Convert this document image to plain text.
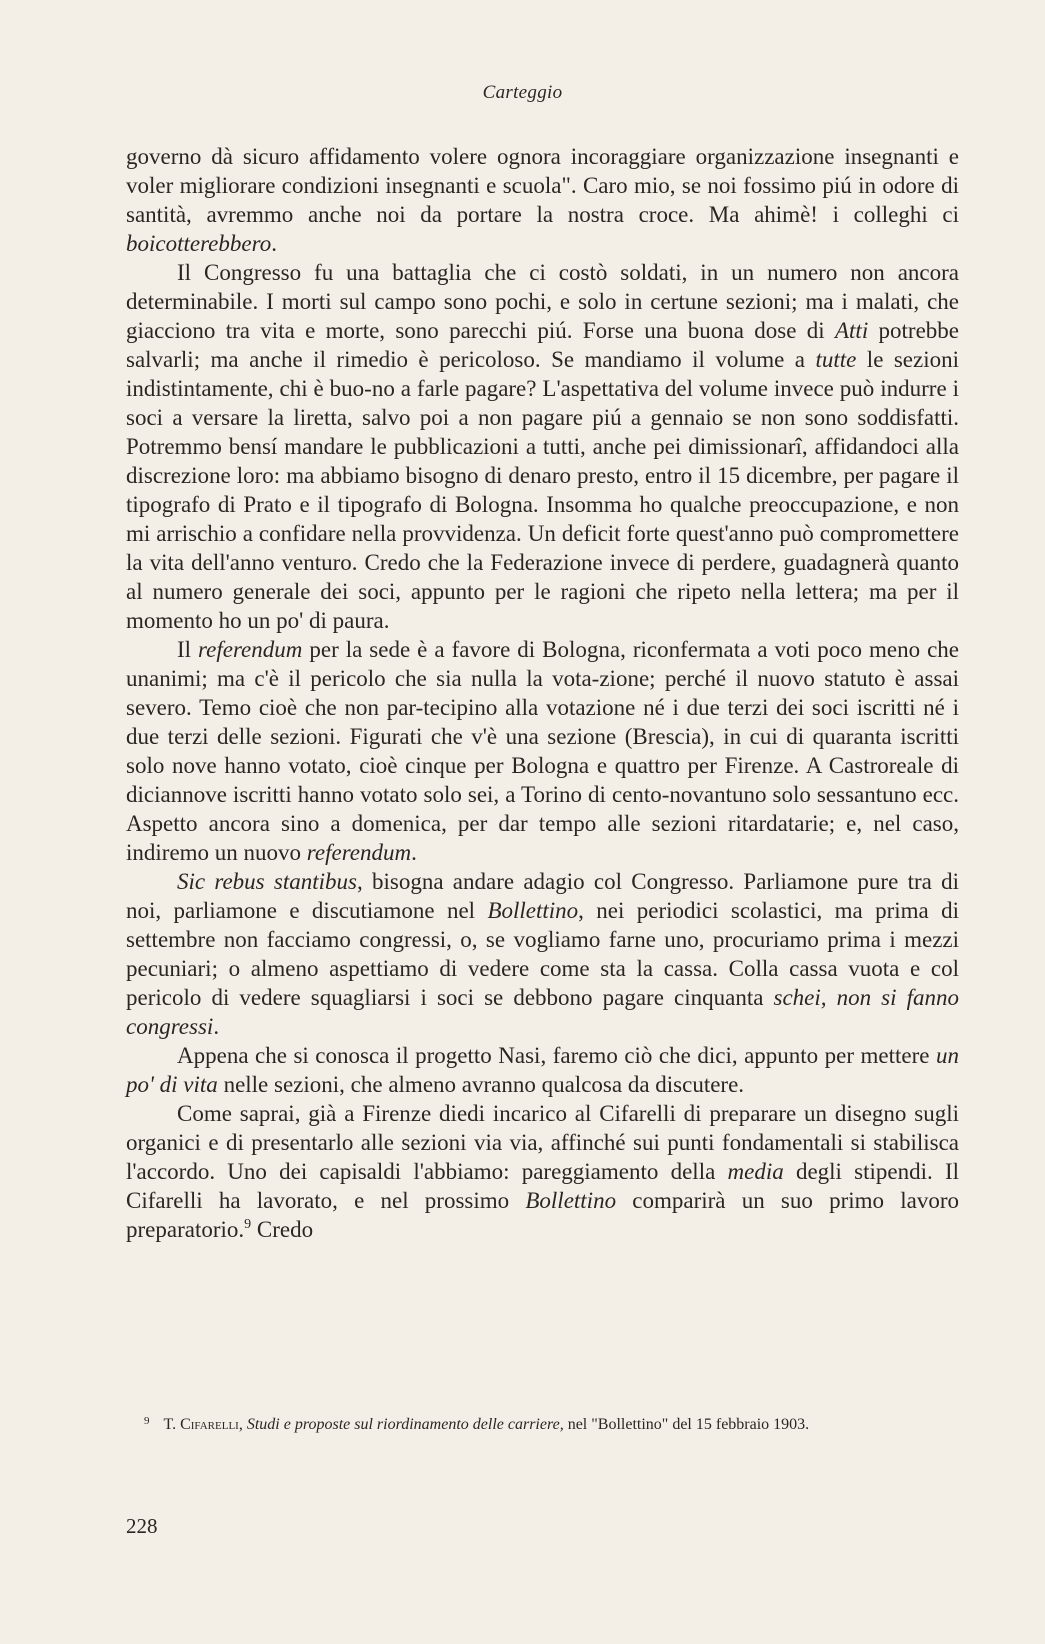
Carteggio

governo dà sicuro affidamento volere ognora incoraggiare organizzazione insegnanti e voler migliorare condizioni insegnanti e scuola". Caro mio, se noi fossimo piú in odore di santità, avremmo anche noi da portare la nostra croce. Ma ahimè! i colleghi ci boicotterebbero.

Il Congresso fu una battaglia che ci costò soldati, in un numero non ancora determinabile. I morti sul campo sono pochi, e solo in certune sezioni; ma i malati, che giacciono tra vita e morte, sono parecchi piú. Forse una buona dose di Atti potrebbe salvarli; ma anche il rimedio è pericoloso. Se mandiamo il volume a tutte le sezioni indistintamente, chi è buo-no a farle pagare? L'aspettativa del volume invece può indurre i soci a versare la liretta, salvo poi a non pagare piú a gennaio se non sono soddisfatti. Potremmo bensí mandare le pubblicazioni a tutti, anche pei dimissionarî, affidandoci alla discrezione loro: ma abbiamo bisogno di denaro presto, entro il 15 dicembre, per pagare il tipografo di Prato e il tipografo di Bologna. Insomma ho qualche preoccupazione, e non mi arrischio a confidare nella provvidenza. Un deficit forte quest'anno può compromettere la vita dell'anno venturo. Credo che la Federazione invece di perdere, guadagnerà quanto al numero generale dei soci, appunto per le ragioni che ripeto nella lettera; ma per il momento ho un po' di paura.

Il referendum per la sede è a favore di Bologna, riconfermata a voti poco meno che unanimi; ma c'è il pericolo che sia nulla la vota-zione; perché il nuovo statuto è assai severo. Temo cioè che non par-tecipino alla votazione né i due terzi dei soci iscritti né i due terzi delle sezioni. Figurati che v'è una sezione (Brescia), in cui di quaranta iscritti solo nove hanno votato, cioè cinque per Bologna e quattro per Firenze. A Castroreale di diciannove iscritti hanno votato solo sei, a Torino di cento-novantuno solo sessantuno ecc. Aspetto ancora sino a domenica, per dar tempo alle sezioni ritardatarie; e, nel caso, indiremo un nuovo referendum.

Sic rebus stantibus, bisogna andare adagio col Congresso. Parliamone pure tra di noi, parliamone e discutiamone nel Bollettino, nei periodici scolastici, ma prima di settembre non facciamo congressi, o, se vogliamo farne uno, procuriamo prima i mezzi pecuniari; o almeno aspettiamo di vedere come sta la cassa. Colla cassa vuota e col pericolo di vedere squagliarsi i soci se debbono pagare cinquanta schei, non si fanno congressi.

Appena che si conosca il progetto Nasi, faremo ciò che dici, appunto per mettere un po' di vita nelle sezioni, che almeno avranno qualcosa da discutere.

Come saprai, già a Firenze diedi incarico al Cifarelli di preparare un disegno sugli organici e di presentarlo alle sezioni via via, affinché sui punti fondamentali si stabilisca l'accordo. Uno dei capisaldi l'abbiamo: pareggiamento della media degli stipendi. Il Cifarelli ha lavorato, e nel prossimo Bollettino comparirà un suo primo lavoro preparatorio.$^9$ Credo

$^9$ T. Cifarelli, Studi e proposte sul riordinamento delle carriere, nel "Bollettino" del 15 febbraio 1903.
228
